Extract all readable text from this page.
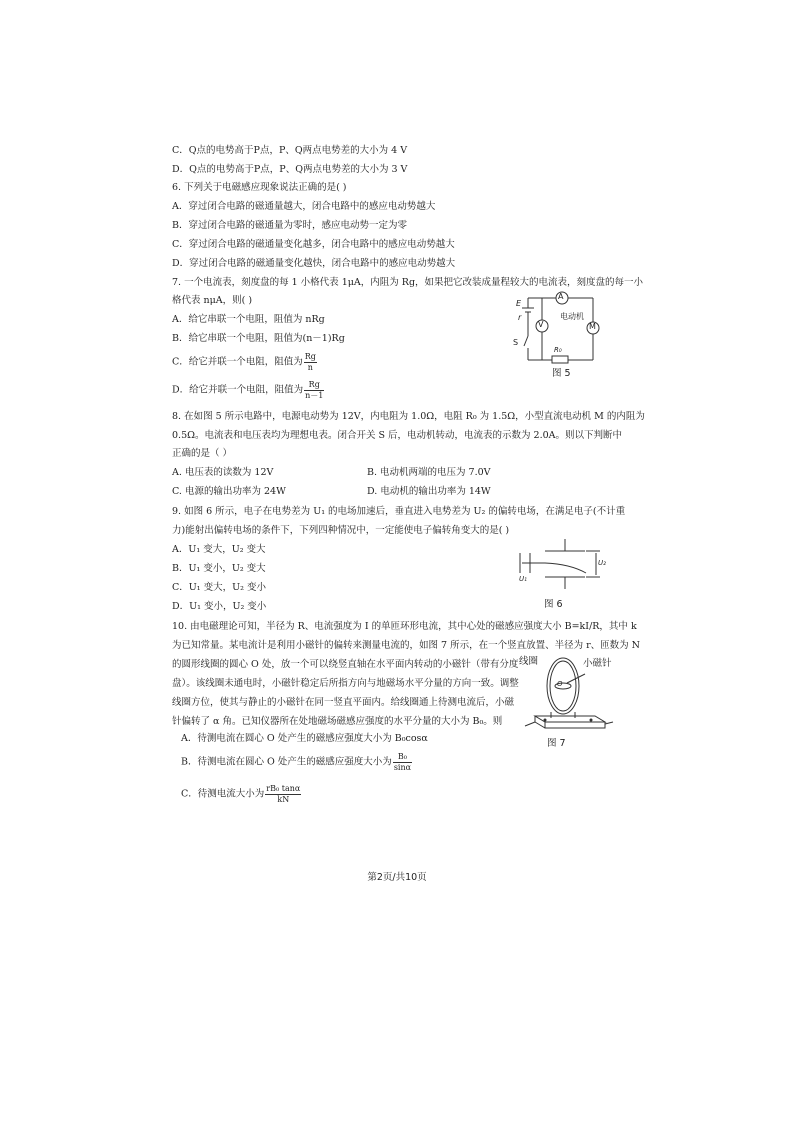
C．Q点的电势高于P点，P、Q两点电势差的大小为 4 V
D．Q点的电势高于P点，P、Q两点电势差的大小为 3 V
6. 下列关于电磁感应现象说法正确的是( )
A．穿过闭合电路的磁通量越大，闭合电路中的感应电动势越大
B．穿过闭合电路的磁通量为零时，感应电动势一定为零
C．穿过闭合电路的磁通量变化越多，闭合电路中的感应电动势越大
D．穿过闭合电路的磁通量变化越快，闭合电路中的感应电动势越大
7. 一个电流表，刻度盘的每 1 小格代表 1μA，内阻为 Rg，如果把它改装成量程较大的电流表，刻度盘的每一小
格代表 nμA，则( )
A．给它串联一个电阻，阻值为 nRg
B．给它串联一个电阻，阻值为(n－1)Rg
C．给它并联一个电阻，阻值为 $\frac{Rg}{n}$
D．给它并联一个电阻，阻值为 $\frac{Rg}{n-1}$
8. 在如图 5 所示电路中，电源电动势为 12V，内电阻为 1.0Ω，电阻 R₀ 为 1.5Ω，小型直流电动机 M 的内阻为
0.5Ω。电流表和电压表均为理想电表。闭合开关 S 后，电动机转动，电流表的示数为 2.0A。则以下判断中
正确的是（ ）
A. 电压表的读数为 12V	B. 电动机两端的电压为 7.0V
C. 电源的输出功率为 24W	D. 电动机的输出功率为 14W
9. 如图 6 所示，电子在电势差为 U₁ 的电场加速后，垂直进入电势差为 U₂ 的偏转电场，在满足电子(不计重
力)能射出偏转电场的条件下，下列四种情况中，一定能使电子偏转角变大的是( )
A．U₁ 变大，U₂ 变大
B．U₁ 变小，U₂ 变大
C．U₁ 变大，U₂ 变小
D．U₁ 变小，U₂ 变小
10. 由电磁理论可知，半径为 R、电流强度为 I 的单匝环形电流，其中心处的磁感应强度大小 B=kI/R，其中 k
为已知常量。某电流计是利用小磁针的偏转来测量电流的，如图 7 所示，在一个竖直放置、半径为 r、匝数为 N
的圆形线圈的圆心 O 处，放一个可以绕竖直轴在水平面内转动的小磁针（带有分度
盘）。该线圈未通电时，小磁针稳定后所指方向与地磁场水平分量的方向一致。调整
线圈方位，使其与静止的小磁针在同一竖直平面内。给线圈通上待测电流后，小磁
针偏转了 α 角。已知仪器所在处地磁场磁感应强度的水平分量的大小为 B₀。则
A．待测电流在圆心 O 处产生的磁感应强度大小为 B₀cosα
B．待测电流在圆心 O 处产生的磁感应强度大小为 $\frac{\text{B₀}}{\sin\alpha}$
C．待测电流大小为 $\frac{\text{rB₀ tanα}}{kN}$
A
V	M
电动机
E
r
S
R₀
图 5
U₁
U₂
图 6
线圈	小磁针
O
图 7
第2页/共10页
